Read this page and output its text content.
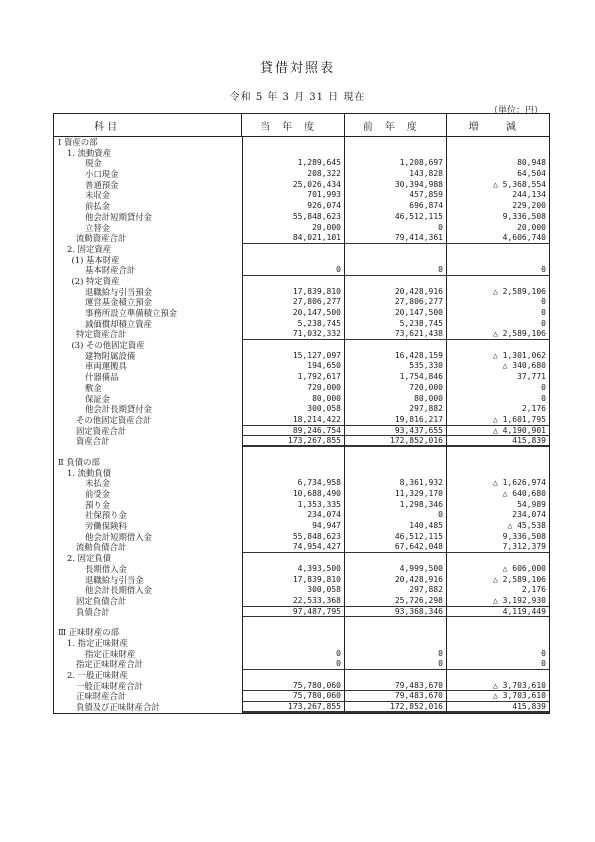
貸借対照表
令和 5 年 3 月 31 日 現在
（単位：円）
科 目	当年度	前年度	増 減
Ⅰ 資産の部
1. 流動資産
現金	1,289,645	1,208,697	80,948
小口現金	208,322	143,828	64,504
普通預金	25,026,434	30,394,988	△ 5,368,554
未収金	701,993	457,859	244,134
前払金	926,074	696,874	229,200
他会計短期貸付金	55,848,623	46,512,115	9,336,508
立替金	20,000	0	20,000
流動資産合計	84,021,101	79,414,361	4,606,740
2. 固定資産
(1) 基本財産
基本財産合計	0	0	0
(2) 特定資産
退職給与引当預金	17,839,810	20,428,916	△ 2,589,106
運営基金積立預金	27,806,277	27,806,277	0
事務所設立準備積立預金	20,147,500	20,147,500	0
減価償却積立資産	5,238,745	5,238,745	0
特定資産合計	71,032,332	73,621,438	△ 2,589,106
(3) その他固定資産
建物附属設備	15,127,097	16,428,159	△ 1,301,062
車両運搬具	194,650	535,330	△ 340,680
什器備品	1,792,617	1,754,846	37,771
敷金	720,000	720,000	0
保証金	80,000	80,000	0
他会計長期貸付金	300,058	297,882	2,176
その他固定資産合計	18,214,422	19,816,217	△ 1,601,795
固定資産合計	89,246,754	93,437,655	△ 4,190,901
資産合計	173,267,855	172,852,016	415,839
Ⅱ 負債の部
1. 流動負債
未払金	6,734,958	8,361,932	△ 1,626,974
前受金	10,688,490	11,329,170	△ 640,680
預り金	1,353,335	1,298,346	54,989
社保預り金	234,074	0	234,074
労働保険料	94,947	140,485	△ 45,538
他会計短期借入金	55,848,623	46,512,115	9,336,508
流動負債合計	74,954,427	67,642,048	7,312,379
2. 固定負債
長期借入金	4,393,500	4,999,500	△ 606,000
退職給与引当金	17,839,810	20,428,916	△ 2,589,106
他会計長期借入金	300,058	297,882	2,176
固定負債合計	22,533,368	25,726,298	△ 3,192,930
負債合計	97,487,795	93,368,346	4,119,449
Ⅲ 正味財産の部
1. 指定正味財産
指定正味財産	0	0	0
指定正味財産合計	0	0	0
2. 一般正味財産
一般正味財産合計	75,780,060	79,483,670	△ 3,703,610
正味財産合計	75,780,060	79,483,670	△ 3,703,610
負債及び正味財産合計	173,267,855	172,852,016	415,839
